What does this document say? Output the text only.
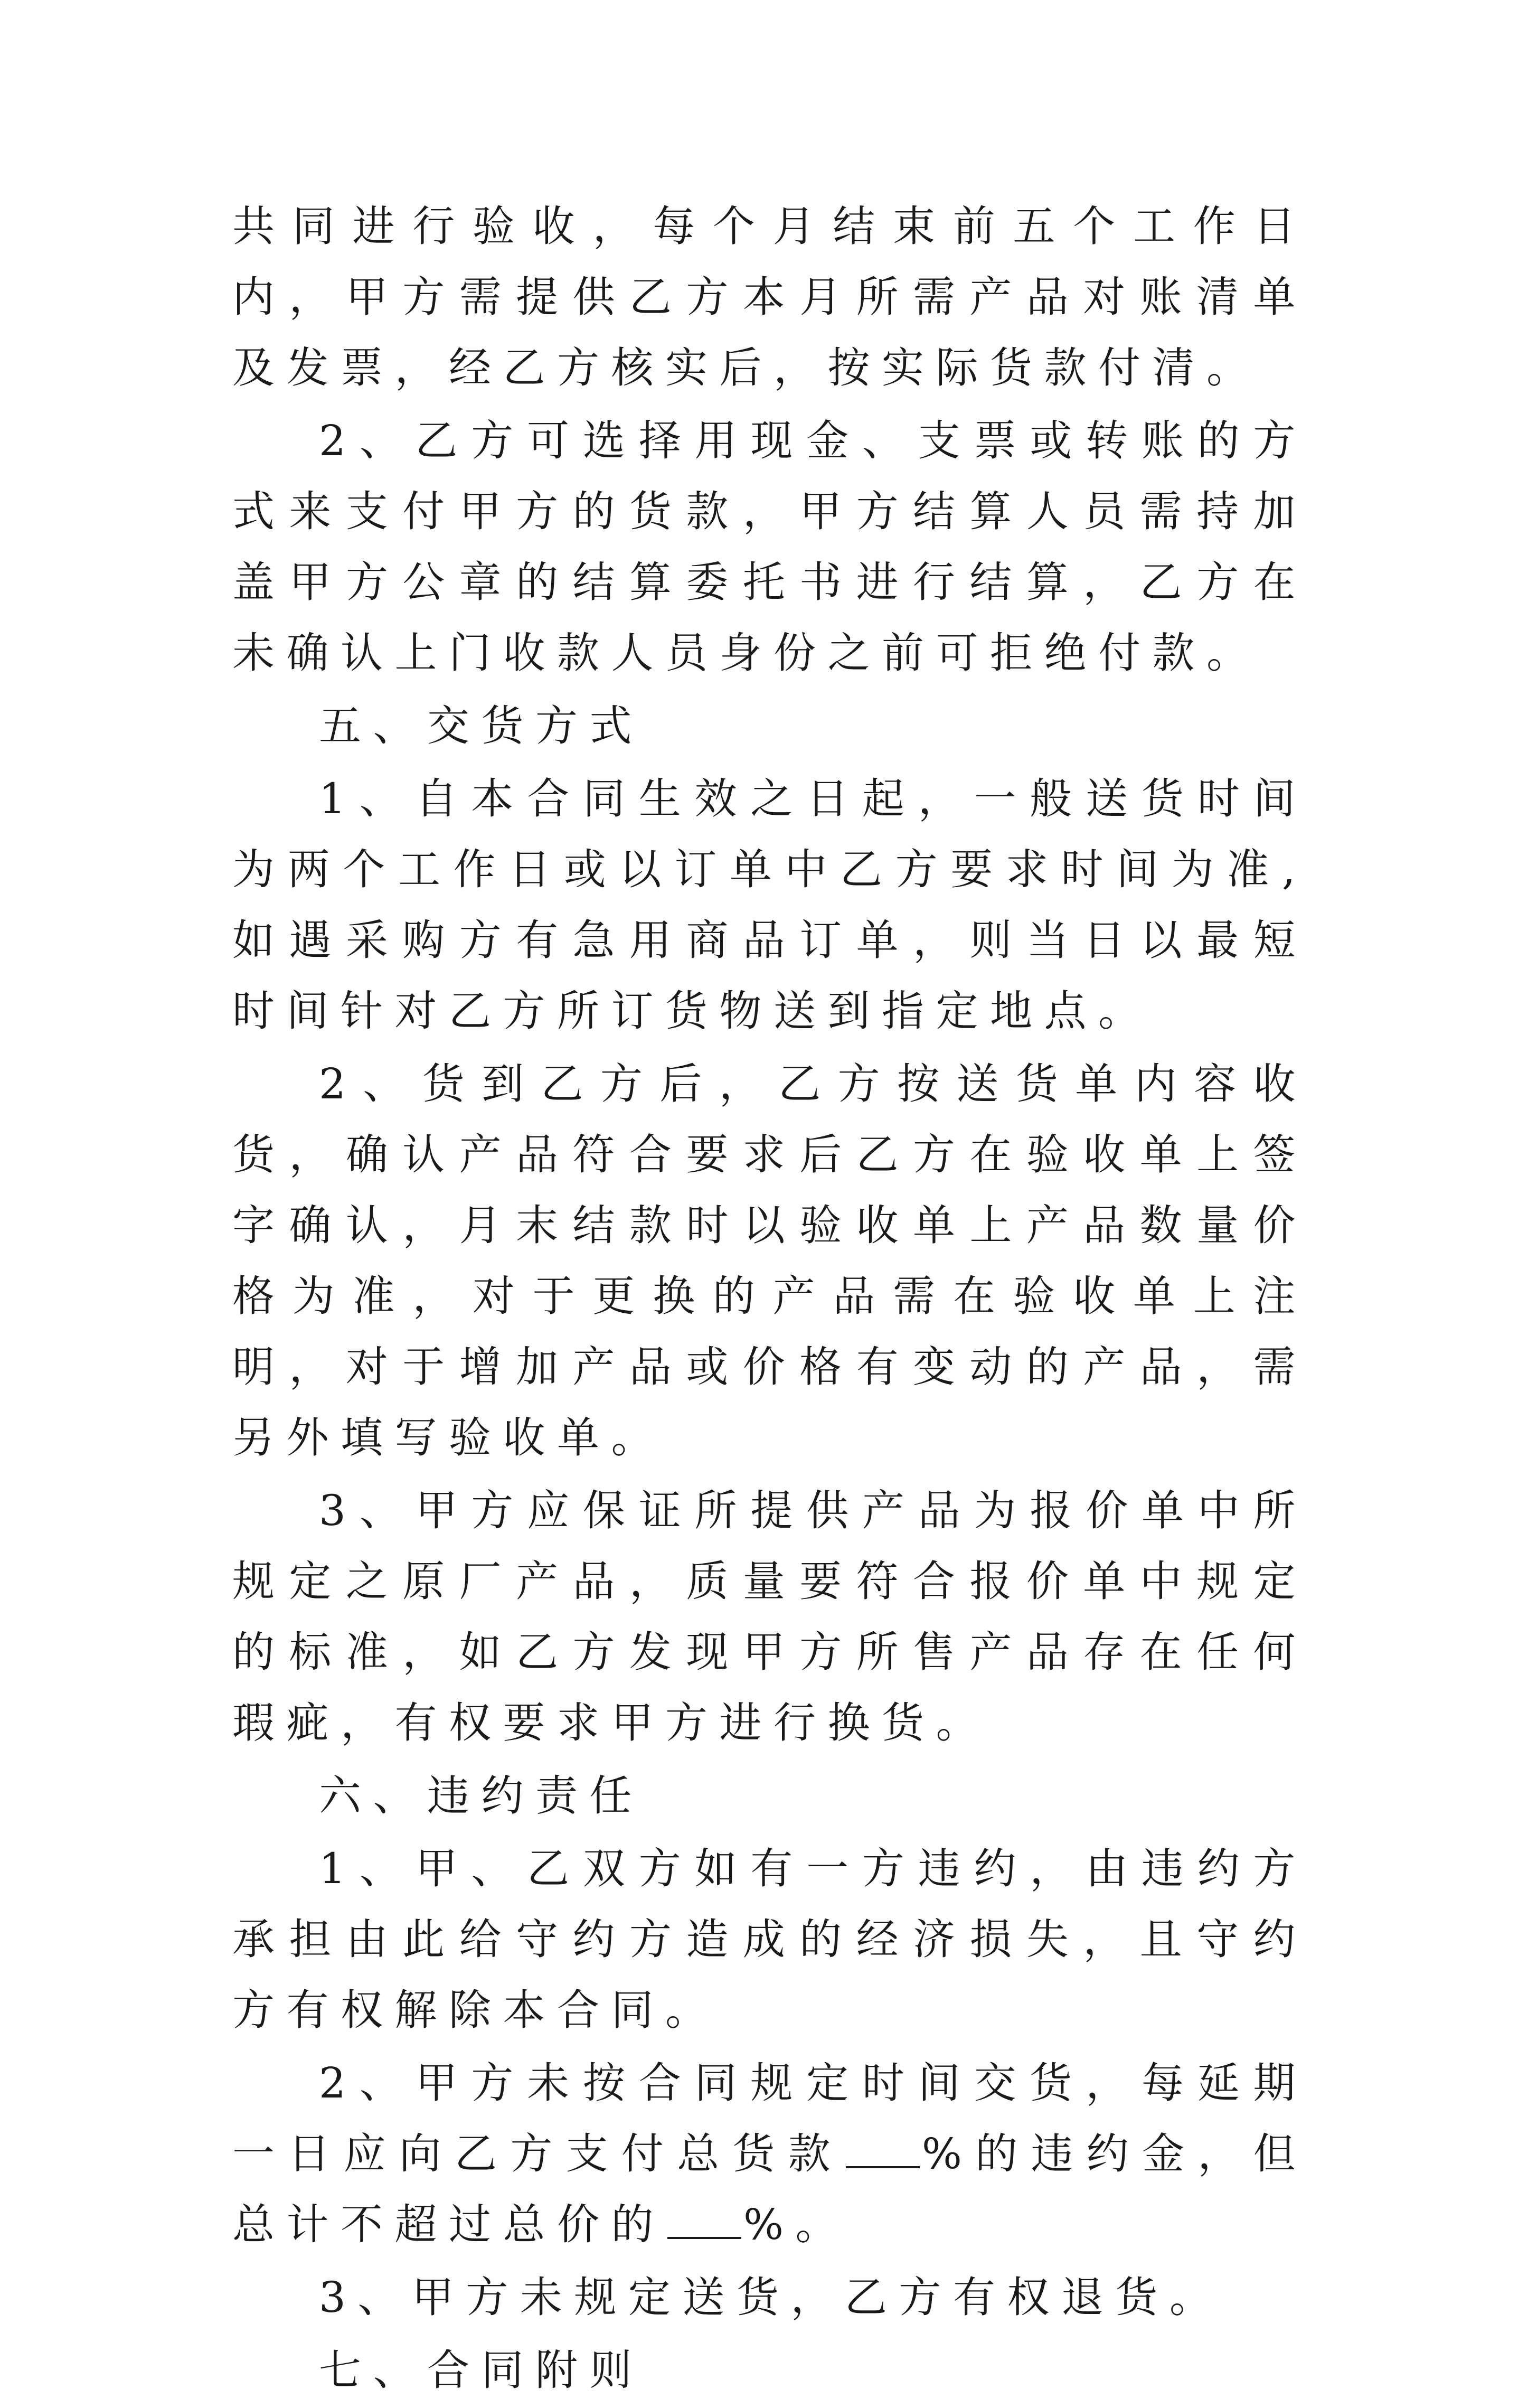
共同进行验收，每个月结束前五个工作日内，甲方需提供乙方本月所需产品对账清单及发票，经乙方核实后，按实际货款付清。

2、乙方可选择用现金、支票或转账的方式来支付甲方的货款，甲方结算人员需持加盖甲方公章的结算委托书进行结算，乙方在未确认上门收款人员身份之前可拒绝付款。

五、交货方式

1、自本合同生效之日起，一般送货时间为两个工作日或以订单中乙方要求时间为准,如遇采购方有急用商品订单，则当日以最短时间针对乙方所订货物送到指定地点。

2、货到乙方后，乙方按送货单内容收货，确认产品符合要求后乙方在验收单上签字确认，月末结款时以验收单上产品数量价格为准，对于更换的产品需在验收单上注明，对于增加产品或价格有变动的产品，需另外填写验收单。

3、甲方应保证所提供产品为报价单中所规定之原厂产品，质量要符合报价单中规定的标准，如乙方发现甲方所售产品存在任何瑕疵，有权要求甲方进行换货。

六、违约责任

1、甲、乙双方如有一方违约，由违约方承担由此给守约方造成的经济损失，且守约方有权解除本合同。

2、甲方未按合同规定时间交货，每延期一日应向乙方支付总货款 %的违约金，但总计不超过总价的 %。

3、甲方未规定送货，乙方有权退货。

七、合同附则
